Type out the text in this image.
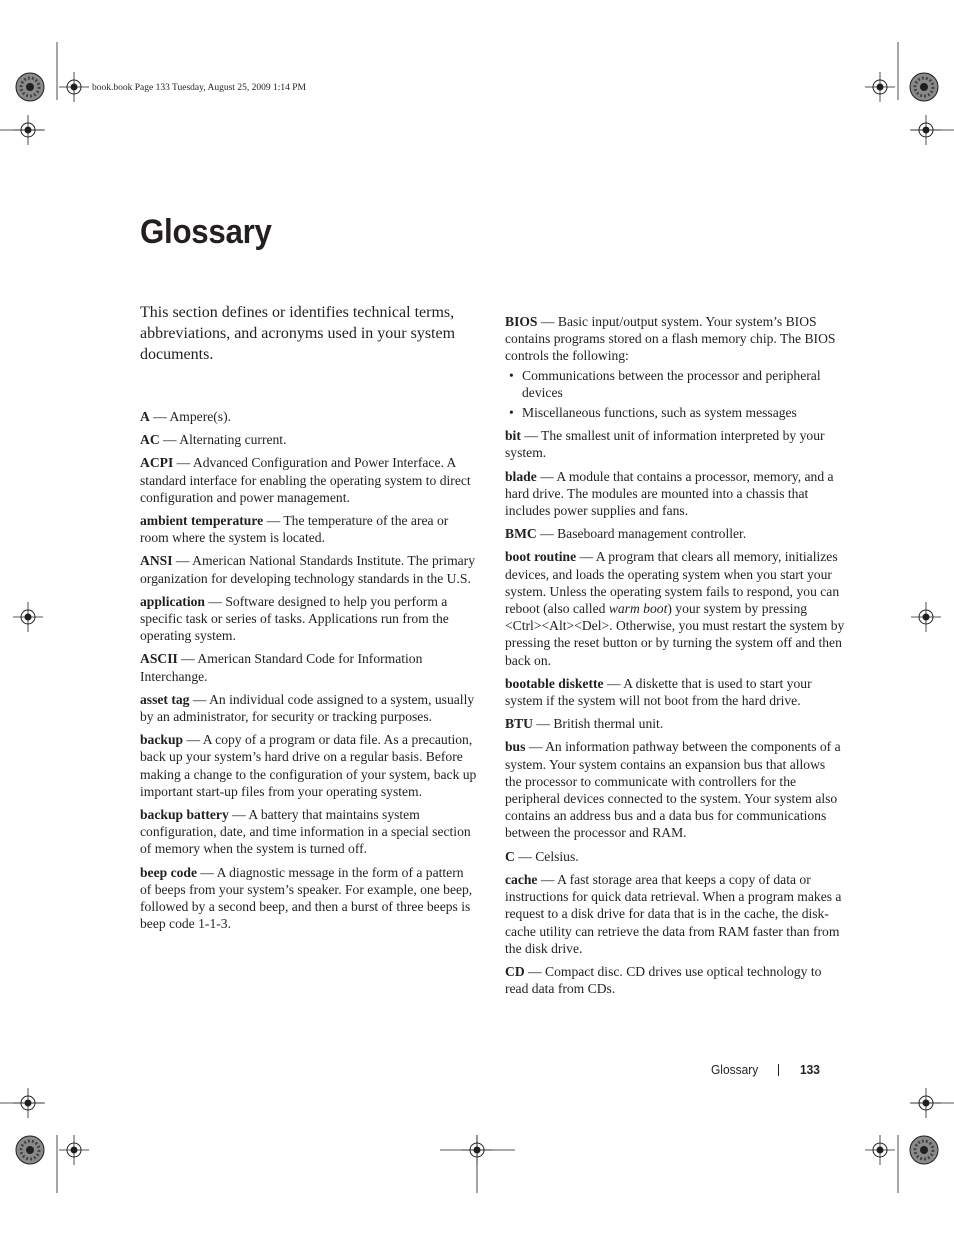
book.book Page 133 Tuesday, August 25, 2009 1:14 PM
Glossary

This section defines or identifies technical terms, abbreviations, and acronyms used in your system documents.

A — Ampere(s).

AC — Alternating current.

ACPI — Advanced Configuration and Power Interface. A standard interface for enabling the operating system to direct configuration and power management.

ambient temperature — The temperature of the area or room where the system is located.

ANSI — American National Standards Institute. The primary organization for developing technology standards in the U.S.

application — Software designed to help you perform a specific task or series of tasks. Applications run from the operating system.

ASCII — American Standard Code for Information Interchange.

asset tag — An individual code assigned to a system, usually by an administrator, for security or tracking purposes.

backup — A copy of a program or data file. As a precaution, back up your system’s hard drive on a regular basis. Before making a change to the configuration of your system, back up important start-up files from your operating system.

backup battery — A battery that maintains system configuration, date, and time information in a special section of memory when the system is turned off.

beep code — A diagnostic message in the form of a pattern of beeps from your system’s speaker. For example, one beep, followed by a second beep, and then a burst of three beeps is beep code 1-1-3.

BIOS — Basic input/output system. Your system’s BIOS contains programs stored on a flash memory chip. The BIOS controls the following:

• Communications between the processor and peripheral devices
• Miscellaneous functions, such as system messages

bit — The smallest unit of information interpreted by your system.

blade — A module that contains a processor, memory, and a hard drive. The modules are mounted into a chassis that includes power supplies and fans.

BMC — Baseboard management controller.

boot routine — A program that clears all memory, initializes devices, and loads the operating system when you start your system. Unless the operating system fails to respond, you can reboot (also called warm boot) your system by pressing <Ctrl><Alt><Del>. Otherwise, you must restart the system by pressing the reset button or by turning the system off and then back on.

bootable diskette — A diskette that is used to start your system if the system will not boot from the hard drive.

BTU — British thermal unit.

bus — An information pathway between the components of a system. Your system contains an expansion bus that allows the processor to communicate with controllers for the peripheral devices connected to the system. Your system also contains an address bus and a data bus for communications between the processor and RAM.

C — Celsius.

cache — A fast storage area that keeps a copy of data or instructions for quick data retrieval. When a program makes a request to a disk drive for data that is in the cache, the disk-cache utility can retrieve the data from RAM faster than from the disk drive.

CD — Compact disc. CD drives use optical technology to read data from CDs.

Glossary	133
